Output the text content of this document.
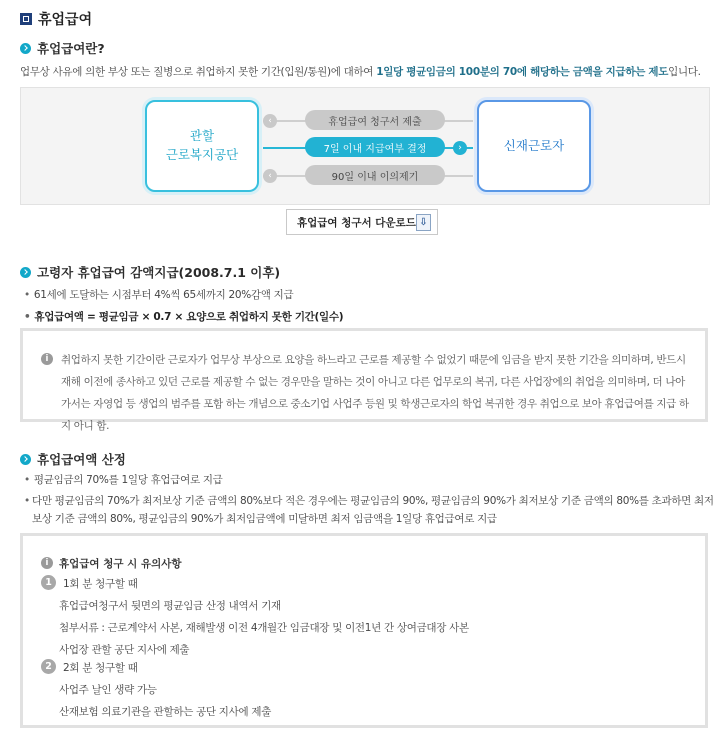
휴업급여
휴업급여란?
업무상 사유에 의한 부상 또는 질병으로 취업하지 못한 기간(입원/통원)에 대하여 1일당 평균임금의 100분의 70에 해당하는 금액을 지급하는 제도입니다.
관할
근로복지공단
신재근로자
‹	휴업급여 청구서 제출
›
7일 이내 지급여부 결정
‹	90일 이내 이의제기
휴업급여 청구서 다운로드 ⇩
고령자 휴업급여 감액지급(2008.7.1 이후)
• 61세에 도달하는 시점부터 4%씩 65세까지 20%감액 지급
• 휴업급여액 = 평균임금 × 0.7 × 요양으로 취업하지 못한 기간(일수)
i	취업하지 못한 기간이란 근로자가 업무상 부상으로 요양을 하느라고 근로를 제공할 수 없었기 때문에 임금을 받지 못한 기간을 의미하며, 반드시 재해 이전에 종사하고 있던 근로를 제공할 수 없는 경우만을 말하는 것이 아니고 다른 업무로의 복귀, 다른 사업장에의 취업을 의미하며, 더 나아가서는 자영업 등 생업의 범주를 포함 하는 개념으로 중소기업 사업주 등원 및 학생근로자의 학업 복귀한 경우 취업으로 보아 휴업급여를 지급 하지 아니 함.
휴업급여액 산정
• 평균임금의 70%를 1일당 휴업급여로 지급
• 다만 평균임금의 70%가 최저보상 기준 금액의 80%보다 적은 경우에는 평균임금의 90%, 평균임금의 90%가 최저보상 기준 금액의 80%를 초과하면 최저보상 기준 금액의 80%, 평균임금의 90%가 최저임금액에 미달하면 최저 임금액을 1일당 휴업급여로 지급
i	휴업급여 청구 시 유의사항
1	1회 분 청구할 때
휴업급여청구서 뒷면의 평균임금 산정 내역서 기재
첨부서류 : 근로계약서 사본, 재해발생 이전 4개월간 임금대장 및 이전1년 간 상여금대장 사본
사업장 관할 공단 지사에 제출
2	2회 분 청구할 때
사업주 날인 생략 가능
산재보험 의료기관을 관할하는 공단 지사에 제출
